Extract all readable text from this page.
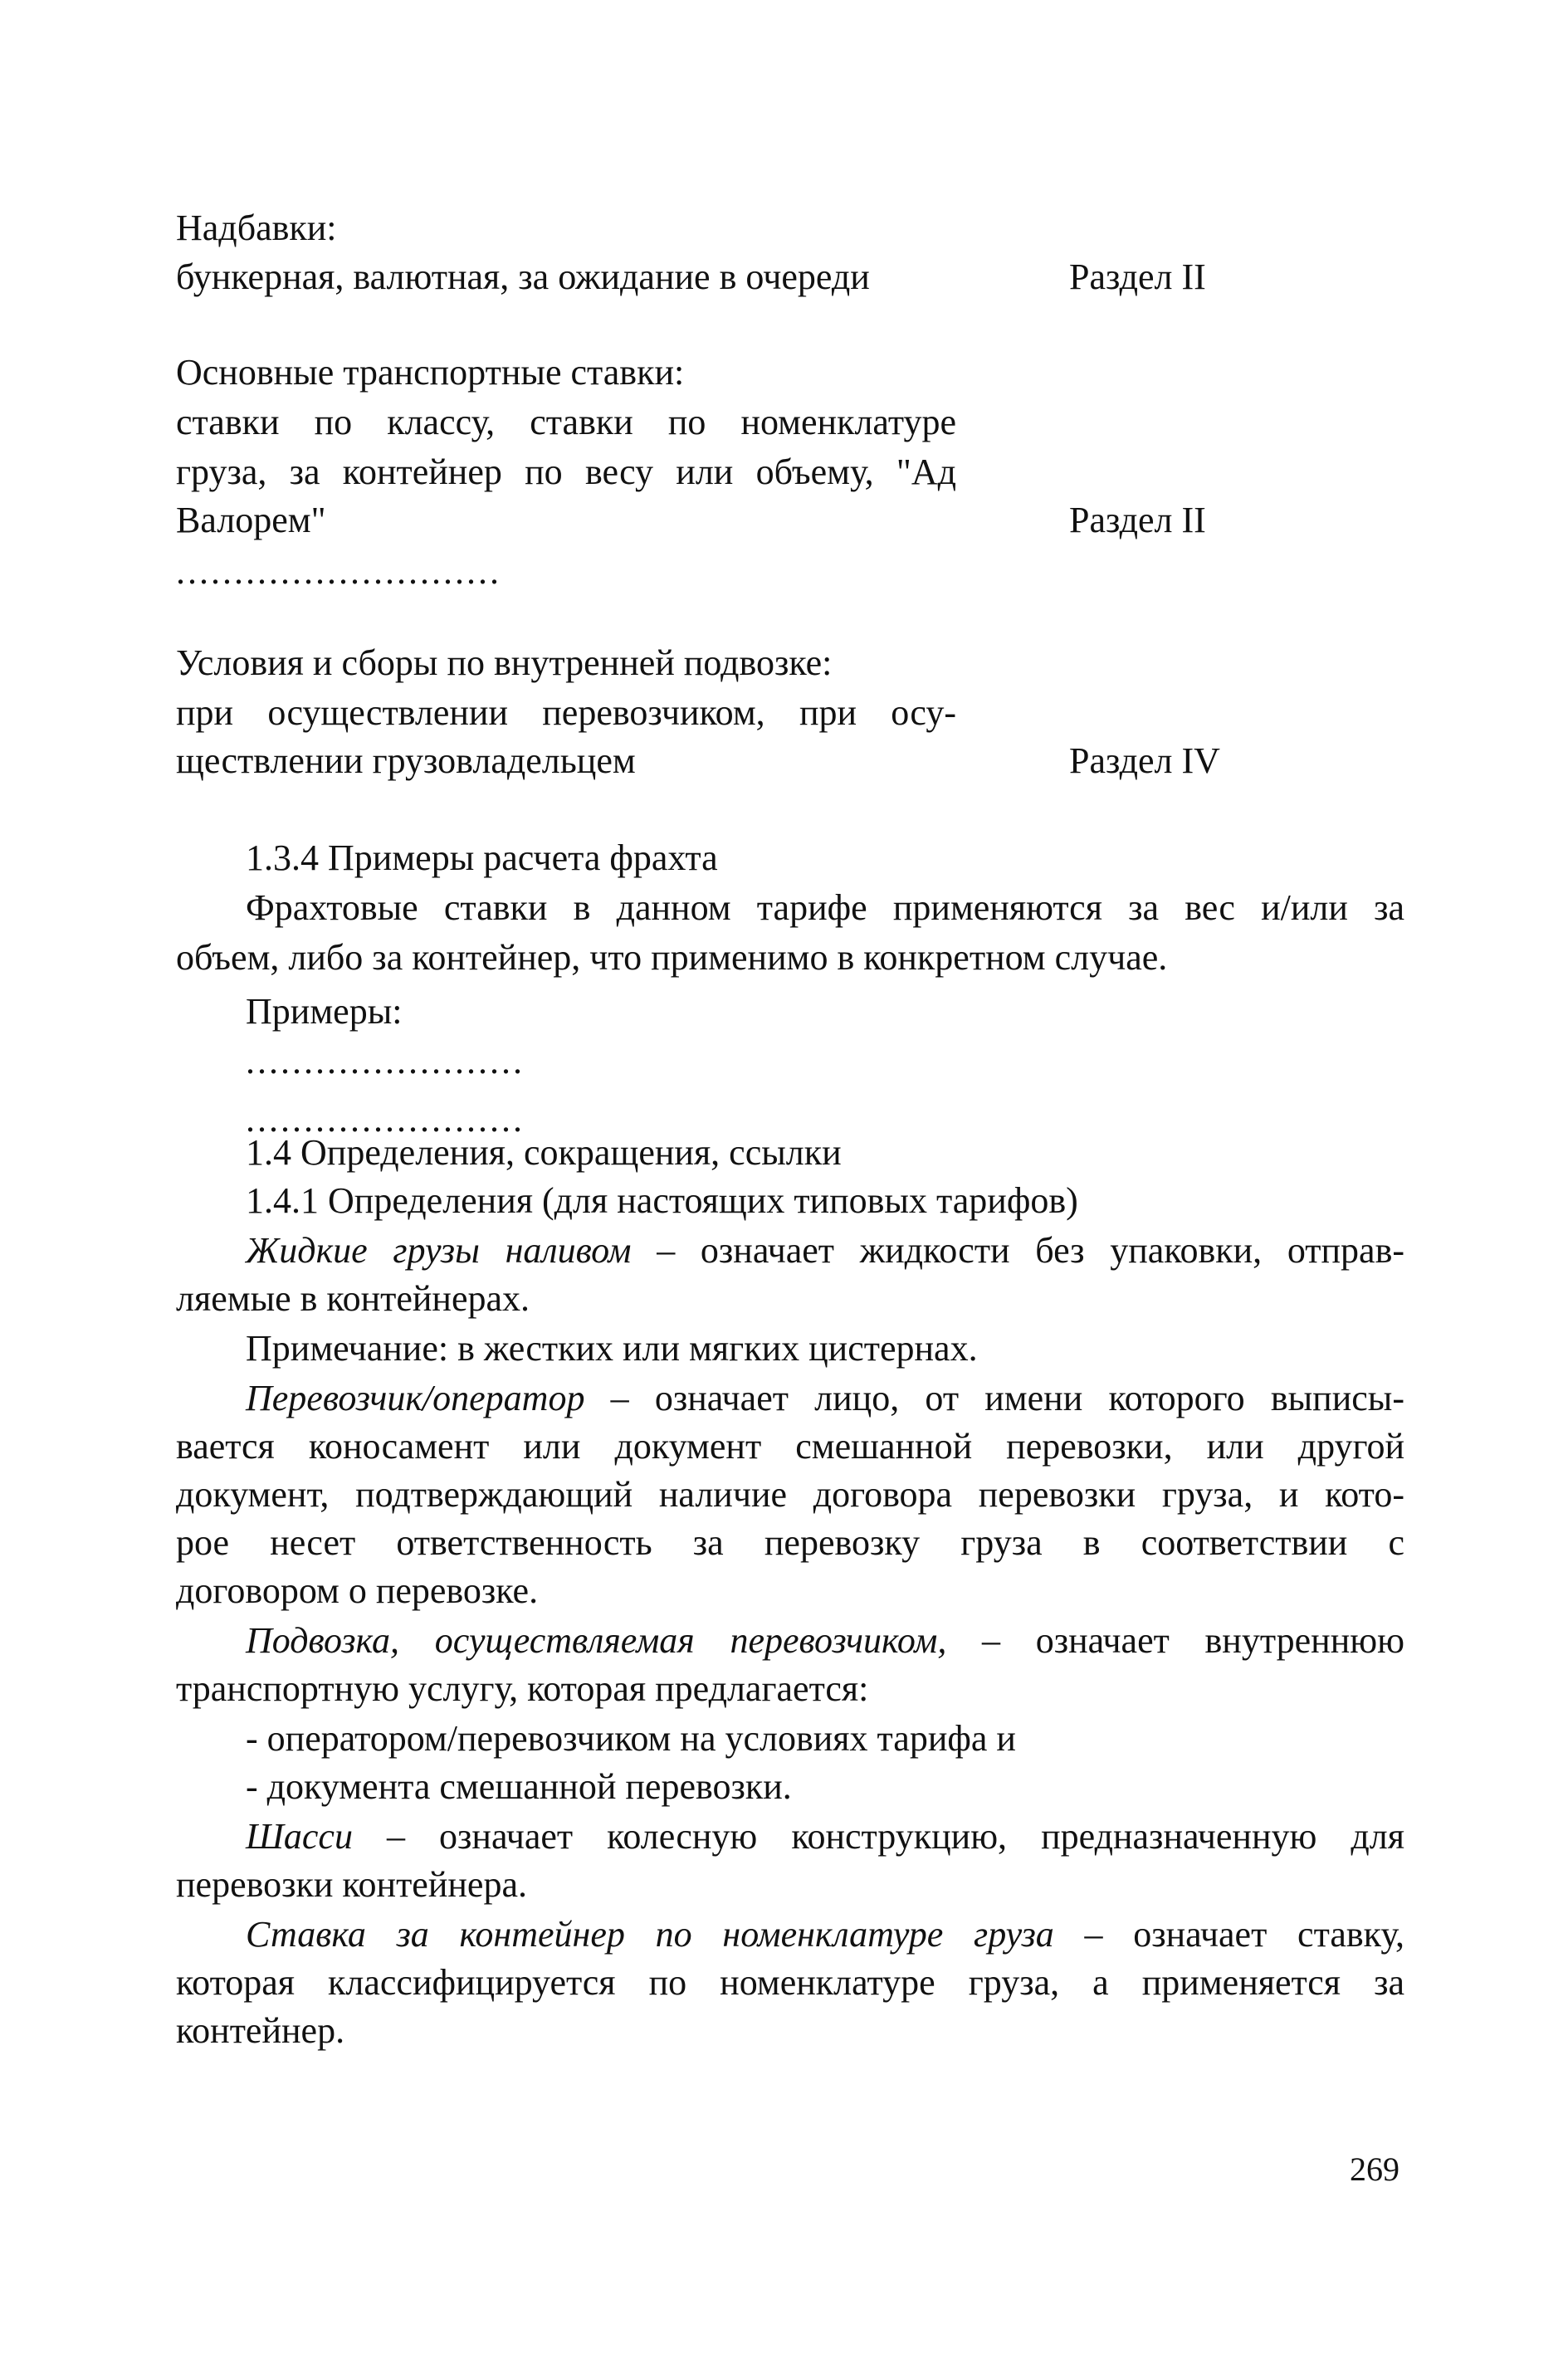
Надбавки:

бункерная, валютная, за ожидание в очереди	Раздел II

Основные транспортные ставки:

ставки по классу, ставки по номенклатуре

груза, за контейнер по весу или объему, "Ад

Валорем"	Раздел II

............................

Условия и сборы по внутренней подвозке:

при осуществлении перевозчиком, при осу-

ществлении грузовладельцем	Раздел IV

1.3.4 Примеры расчета фрахта

Фрахтовые ставки в данном тарифе применяются за вес и/или за

объем, либо за контейнер, что применимо в конкретном случае.

Примеры:

........................

........................

1.4 Определения, сокращения, ссылки

1.4.1 Определения (для настоящих типовых тарифов)

Жидкие грузы наливом – означает жидкости без упаковки, отправ-

ляемые в контейнерах.

Примечание: в жестких или мягких цистернах.

Перевозчик/оператор – означает лицо, от имени которого выписы-

вается коносамент или документ смешанной перевозки, или другой

документ, подтверждающий наличие договора перевозки груза, и кото-

рое несет ответственность за перевозку груза в соответствии с

договором о перевозке.

Подвозка, осуществляемая перевозчиком, – означает внутреннюю

транспортную услугу, которая предлагается:

- оператором/перевозчиком на условиях тарифа и

- документа смешанной перевозки.

Шасси – означает колесную конструкцию, предназначенную для

перевозки контейнера.

Ставка за контейнер по номенклатуре груза – означает ставку,

которая классифицируется по номенклатуре груза, а применяется за

контейнер.

269
